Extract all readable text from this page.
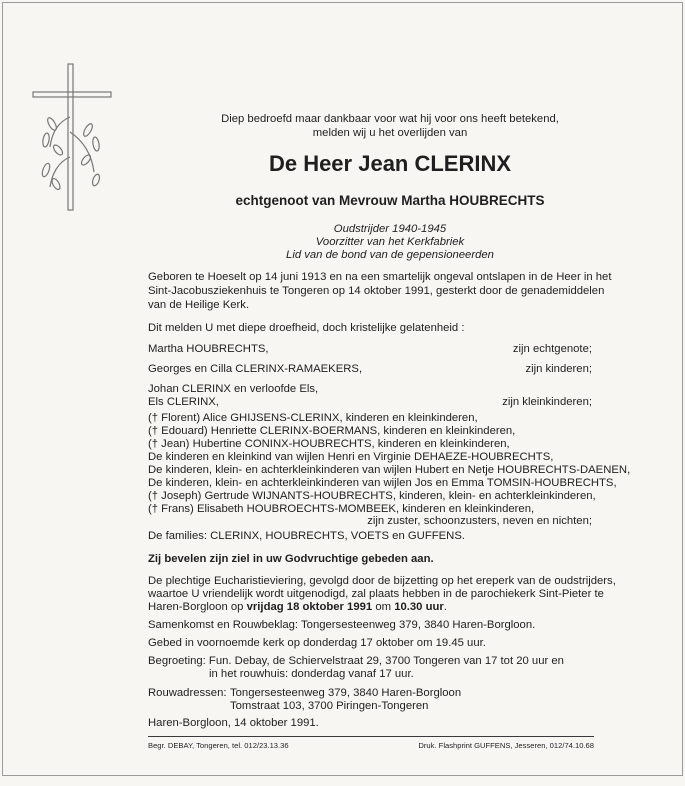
Diep bedroefd maar dankbaar voor wat hij voor ons heeft betekend,
melden wij u het overlijden van
De Heer Jean CLERINX
echtgenoot van Mevrouw Martha HOUBRECHTS
Oudstrijder 1940-1945
Voorzitter van het Kerkfabriek
Lid van de bond van de gepensioneerden
Geboren te Hoeselt op 14 juni 1913 en na een smartelijk ongeval ontslapen in de Heer in het
Sint-Jacobusziekenhuis te Tongeren op 14 oktober 1991, gesterkt door de genademiddelen
van de Heilige Kerk.
Dit melden U met diepe droefheid, doch kristelijke gelatenheid :
Martha HOUBRECHTS,	zijn echtgenote;
Georges en Cilla CLERINX-RAMAEKERS,	zijn kinderen;
Johan CLERINX en verloofde Els,
Els CLERINX,	zijn kleinkinderen;
(† Florent) Alice GHIJSENS-CLERINX, kinderen en kleinkinderen,
(† Edouard) Henriette CLERINX-BOERMANS, kinderen en kleinkinderen,
(† Jean) Hubertine CONINX-HOUBRECHTS, kinderen en kleinkinderen,
De kinderen en kleinkind van wijlen Henri en Virginie DEHAEZE-HOUBRECHTS,
De kinderen, klein- en achterkleinkinderen van wijlen Hubert en Netje HOUBRECHTS-DAENEN,
De kinderen, klein- en achterkleinkinderen van wijlen Jos en Emma TOMSIN-HOUBRECHTS,
(† Joseph) Gertrude WIJNANTS-HOUBRECHTS, kinderen, klein- en achterkleinkinderen,
(† Frans) Elisabeth HOUBROECHTS-MOMBEEK, kinderen en kleinkinderen,
zijn zuster, schoonzusters, neven en nichten;
De families: CLERINX, HOUBRECHTS, VOETS en GUFFENS.
Zij bevelen zijn ziel in uw Godvruchtige gebeden aan.
De plechtige Eucharistieviering, gevolgd door de bijzetting op het ereperk van de oudstrijders,
waartoe U vriendelijk wordt uitgenodigd, zal plaats hebben in de parochiekerk Sint-Pieter te
Haren-Borgloon op vrijdag 18 oktober 1991 om 10.30 uur.
Samenkomst en Rouwbeklag: Tongersesteenweg 379, 3840 Haren-Borgloon.
Gebed in voornoemde kerk op donderdag 17 oktober om 19.45 uur.
Begroeting: Fun. Debay, de Schiervelstraat 29, 3700 Tongeren van 17 tot 20 uur en
in het rouwhuis: donderdag vanaf 17 uur.
Rouwadressen: Tongersesteenweg 379, 3840 Haren-Borgloon
Tomstraat 103, 3700 Piringen-Tongeren
Haren-Borgloon, 14 oktober 1991.
Begr. DEBAY, Tongeren, tel. 012/23.13.36	Druk. Flashprint GUFFENS, Jesseren, 012/74.10.68
